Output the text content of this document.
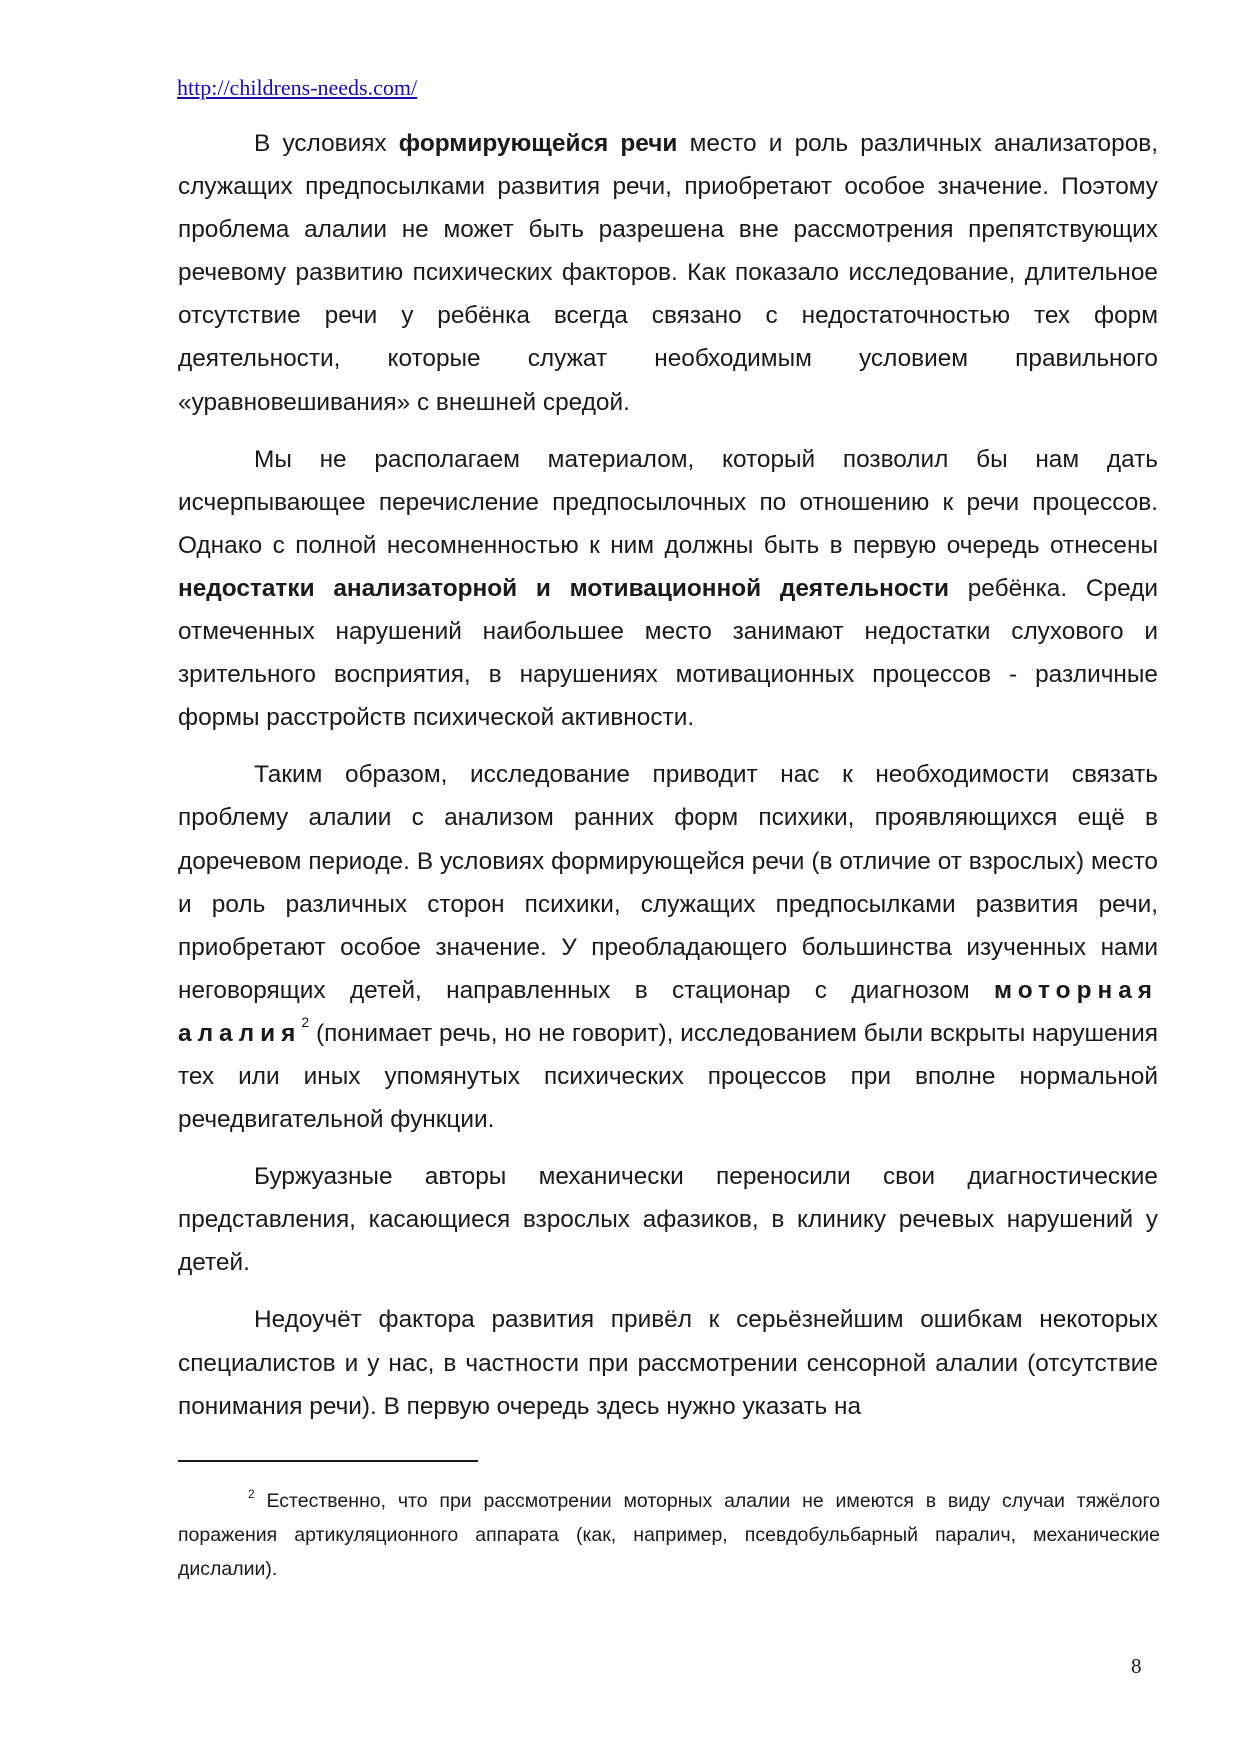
http://childrens-needs.com/

В условиях формирующейся речи место и роль различных анализаторов, служащих предпосылками развития речи, приобретают особое значение. Поэтому проблема алалии не может быть разрешена вне рассмотрения препятствующих речевому развитию психических факторов. Как показало исследование, длительное отсутствие речи у ребёнка всегда связано с недостаточностью тех форм деятельности, которые служат необходимым условием правильного «уравновешивания» с внешней средой.

Мы не располагаем материалом, который позволил бы нам дать исчерпывающее перечисление предпосылочных по отношению к речи процессов. Однако с полной несомненностью к ним должны быть в первую очередь отнесены недостатки анализаторной и мотивационной деятельности ребёнка. Среди отмеченных нарушений наибольшее место занимают недостатки слухового и зрительного восприятия, в нарушениях мотивационных процессов - различные формы расстройств психической активности.

Таким образом, исследование приводит нас к необходимости связать проблему алалии с анализом ранних форм психики, проявляющихся ещё в доречевом периоде. В условиях формирующейся речи (в отличие от взрослых) место и роль различных сторон психики, служащих предпосылками развития речи, приобретают особое значение. У преобладающего большинства изученных нами неговорящих детей, направленных в стационар с диагнозом моторная алалия$^2$ (понимает речь, но не говорит), исследованием были вскрыты нарушения тех или иных упомянутых психических процессов при вполне нормальной речедвигательной функции.

Буржуазные авторы механически переносили свои диагностические представления, касающиеся взрослых афазиков, в клинику речевых нарушений у детей.

Недоучёт фактора развития привёл к серьёзнейшим ошибкам некоторых специалистов и у нас, в частности при рассмотрении сенсорной алалии (отсутствие понимания речи). В первую очередь здесь нужно указать на

$^2$ Естественно, что при рассмотрении моторных алалии не имеются в виду случаи тяжёлого поражения артикуляционного аппарата (как, например, псевдобульбарный паралич, механические дислалии).

8
